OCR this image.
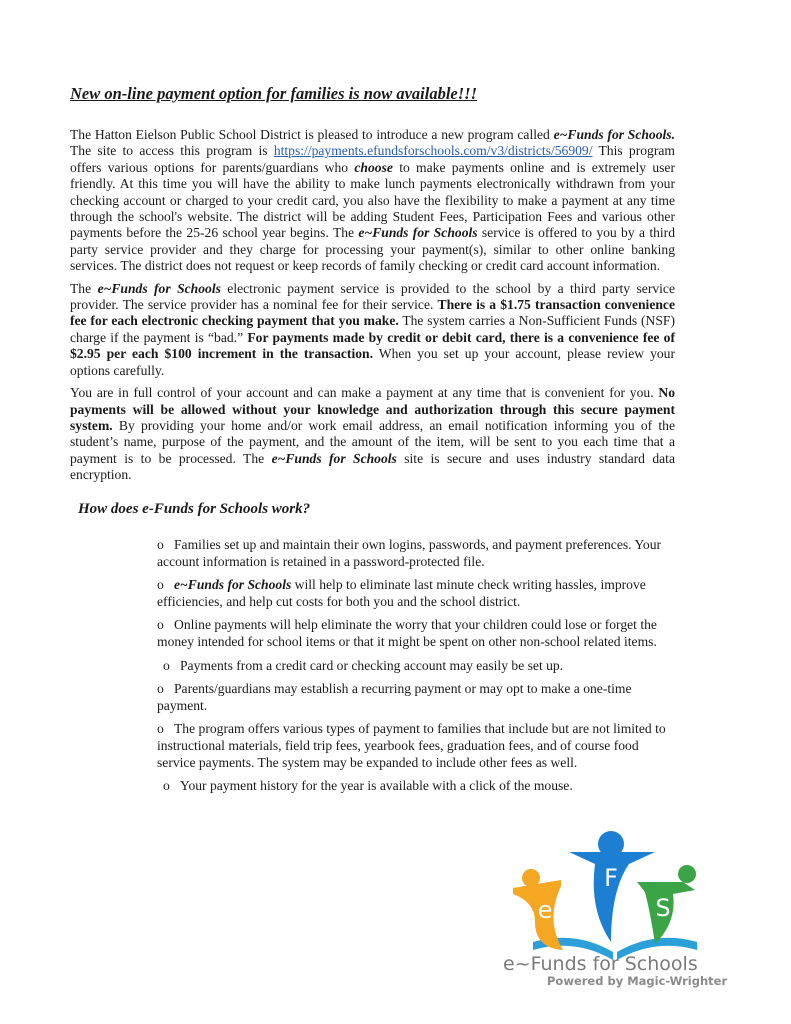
New on-line payment option for families is now available!!!

The Hatton Eielson Public School District is pleased to introduce a new program called e~Funds for Schools. The site to access this program is https://payments.efundsforschools.com/v3/districts/56909/ This program offers various options for parents/guardians who choose to make payments online and is extremely user friendly. At this time you will have the ability to make lunch payments electronically withdrawn from your checking account or charged to your credit card, you also have the flexibility to make a payment at any time through the school's website. The district will be adding Student Fees, Participation Fees and various other payments before the 25-26 school year begins. The e~Funds for Schools service is offered to you by a third party service provider and they charge for processing your payment(s), similar to other online banking services. The district does not request or keep records of family checking or credit card account information.

The e~Funds for Schools electronic payment service is provided to the school by a third party service provider. The service provider has a nominal fee for their service. There is a $1.75 transaction convenience fee for each electronic checking payment that you make. The system carries a Non-Sufficient Funds (NSF) charge if the payment is “bad.” For payments made by credit or debit card, there is a convenience fee of $2.95 per each $100 increment in the transaction. When you set up your account, please review your options carefully.

You are in full control of your account and can make a payment at any time that is convenient for you. No payments will be allowed without your knowledge and authorization through this secure payment system. By providing your home and/or work email address, an email notification informing you of the student’s name, purpose of the payment, and the amount of the item, will be sent to you each time that a payment is to be processed. The e~Funds for Schools site is secure and uses industry standard data encryption.

How does e-Funds for Schools work?
o Families set up and maintain their own logins, passwords, and payment preferences. Your account information is retained in a password-protected file.
o e~Funds for Schools will help to eliminate last minute check writing hassles, improve efficiencies, and help cut costs for both you and the school district.
o Online payments will help eliminate the worry that your children could lose or forget the money intended for school items or that it might be spent on other non-school related items.
o Payments from a credit card or checking account may easily be set up.
o Parents/guardians may establish a recurring payment or may opt to make a one-time payment.
o The program offers various types of payment to families that include but are not limited to instructional materials, field trip fees, yearbook fees, graduation fees, and of course food service payments. The system may be expanded to include other fees as well.
o Your payment history for the year is available with a click of the mouse.
e
F
S
e~Funds for Schools
Powered by Magic-Wrighter
